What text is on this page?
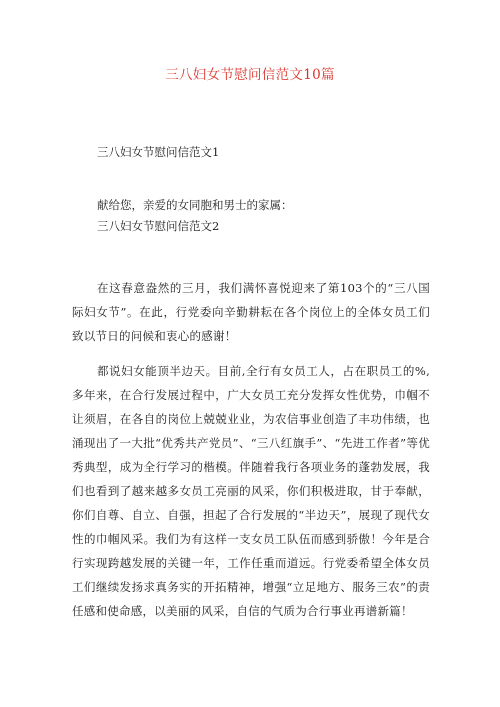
三八妇女节慰问信范文10篇
三八妇女节慰问信范文1
献给您，亲爱的女同胞和男士的家属：
三八妇女节慰问信范文2

在这春意盎然的三月，我们满怀喜悦迎来了第103个的“三八国际妇女节”。在此，行党委向辛勤耕耘在各个岗位上的全体女员工们致以节日的问候和衷心的感谢！

都说妇女能顶半边天。目前,全行有女员工人，占在职员工的%,多年来，在合行发展过程中，广大女员工充分发挥女性优势，巾帼不让须眉，在各自的岗位上兢兢业业，为农信事业创造了丰功伟绩，也涌现出了一大批“优秀共产党员”、“三八红旗手”、“先进工作者”等优秀典型，成为全行学习的楷模。伴随着我行各项业务的蓬勃发展，我们也看到了越来越多女员工亮丽的风采，你们积极进取，甘于奉献，你们自尊、自立、自强，担起了合行发展的“半边天”，展现了现代女性的巾帼风采。我们为有这样一支女员工队伍而感到骄傲！今年是合行实现跨越发展的关键一年，工作任重而道远。行党委希望全体女员工们继续发扬求真务实的开拓精神，增强“立足地方、服务三农”的责任感和使命感，以美丽的风采，自信的气质为合行事业再谱新篇！
